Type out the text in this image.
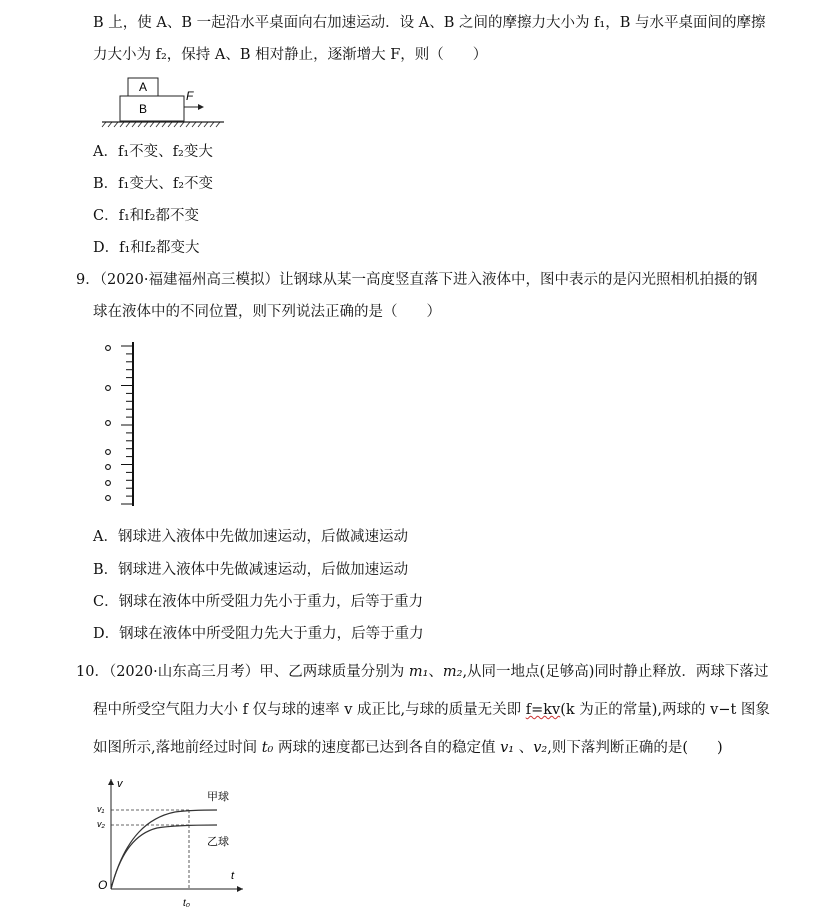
B 上，使 A、B 一起沿水平桌面向右加速运动．设 A、B 之间的摩擦力大小为 f₁，B 与水平桌面间的摩擦
力大小为 f₂，保持 A、B 相对静止，逐渐增大 F，则（　　）
A
B
F
A．f₁不变、f₂变大
B．f₁变大、f₂不变
C．f₁和f₂都不变
D．f₁和f₂都变大
9．（2020·福建福州高三模拟）让钢球从某一高度竖直落下进入液体中，图中表示的是闪光照相机拍摄的钢
球在液体中的不同位置，则下列说法正确的是（　　）
A．钢球进入液体中先做加速运动，后做减速运动
B．钢球进入液体中先做减速运动，后做加速运动
C．钢球在液体中所受阻力先小于重力，后等于重力
D．钢球在液体中所受阻力先大于重力，后等于重力
10．（2020·山东高三月考）甲、乙两球质量分别为 m₁、m₂,从同一地点(足够高)同时静止释放．两球下落过
程中所受空气阻力大小 f 仅与球的速率 v 成正比,与球的质量无关即 f=kv(k 为正的常量),两球的 v−t 图象
如图所示,落地前经过时间 t₀ 两球的速度都已达到各自的稳定值 v₁ 、v₂,则下落判断正确的是(　　)
v
t
O
v₁
v₂
t₀
甲球
乙球
